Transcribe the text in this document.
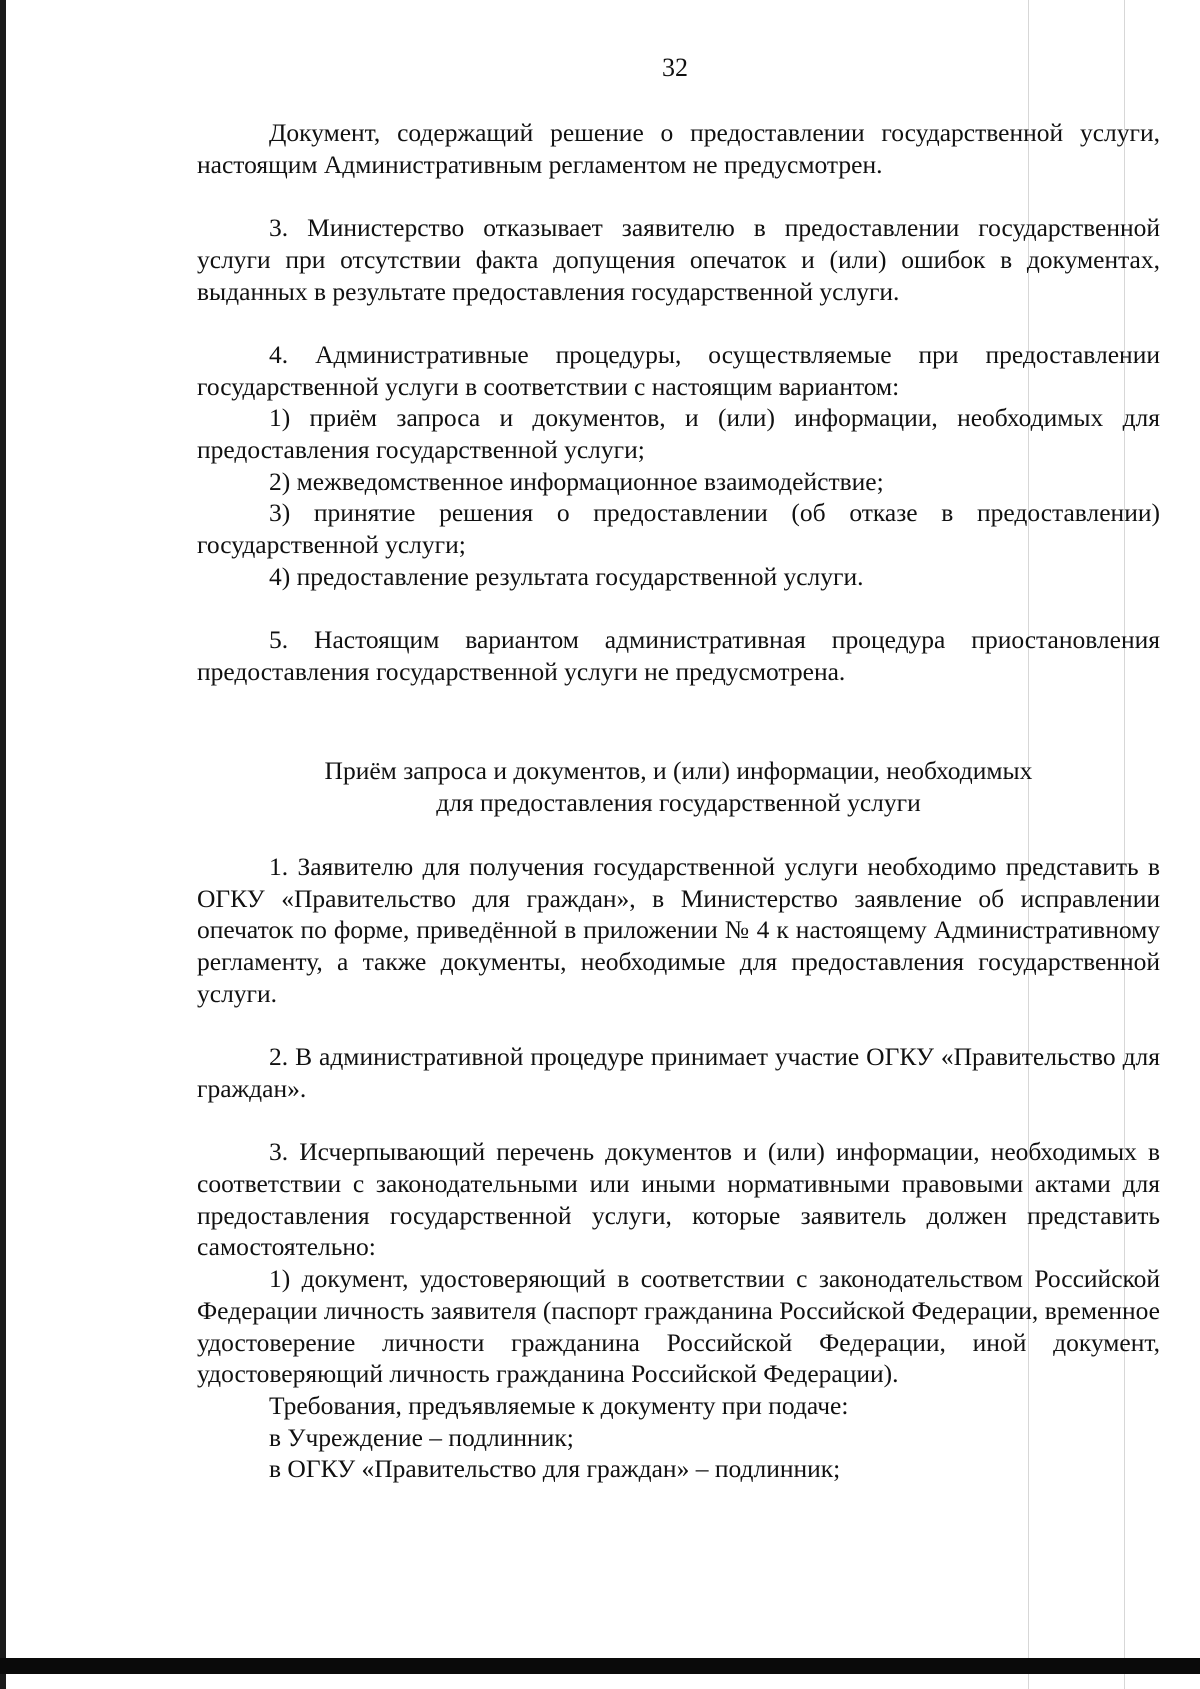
32

Документ, содержащий решение о предоставлении государственной услуги, настоящим Административным регламентом не предусмотрен.

3. Министерство отказывает заявителю в предоставлении государственной услуги при отсутствии факта допущения опечаток и (или) ошибок в документах, выданных в результате предоставления государственной услуги.

4. Административные процедуры, осуществляемые при предоставлении государственной услуги в соответствии с настоящим вариантом:

1) приём запроса и документов, и (или) информации, необходимых для предоставления государственной услуги;

2) межведомственное информационное взаимодействие;

3) принятие решения о предоставлении (об отказе в предоставлении) государственной услуги;

4) предоставление результата государственной услуги.

5. Настоящим вариантом административная процедура приостановления предоставления государственной услуги не предусмотрена.

Приём запроса и документов, и (или) информации, необходимых
для предоставления государственной услуги

1. Заявителю для получения государственной услуги необходимо представить в ОГКУ «Правительство для граждан», в Министерство заявление об исправлении опечаток по форме, приведённой в приложении № 4 к настоящему Административному регламенту, а также документы, необходимые для предоставления государственной услуги.

2. В административной процедуре принимает участие ОГКУ «Правительство для граждан».

3. Исчерпывающий перечень документов и (или) информации, необходимых в соответствии с законодательными или иными нормативными правовыми актами для предоставления государственной услуги, которые заявитель должен представить самостоятельно:

1) документ, удостоверяющий в соответствии с законодательством Российской Федерации личность заявителя (паспорт гражданина Российской Федерации, временное удостоверение личности гражданина Российской Федерации, иной документ, удостоверяющий личность гражданина Российской Федерации).

Требования, предъявляемые к документу при подаче:

в Учреждение – подлинник;

в ОГКУ «Правительство для граждан» – подлинник;
